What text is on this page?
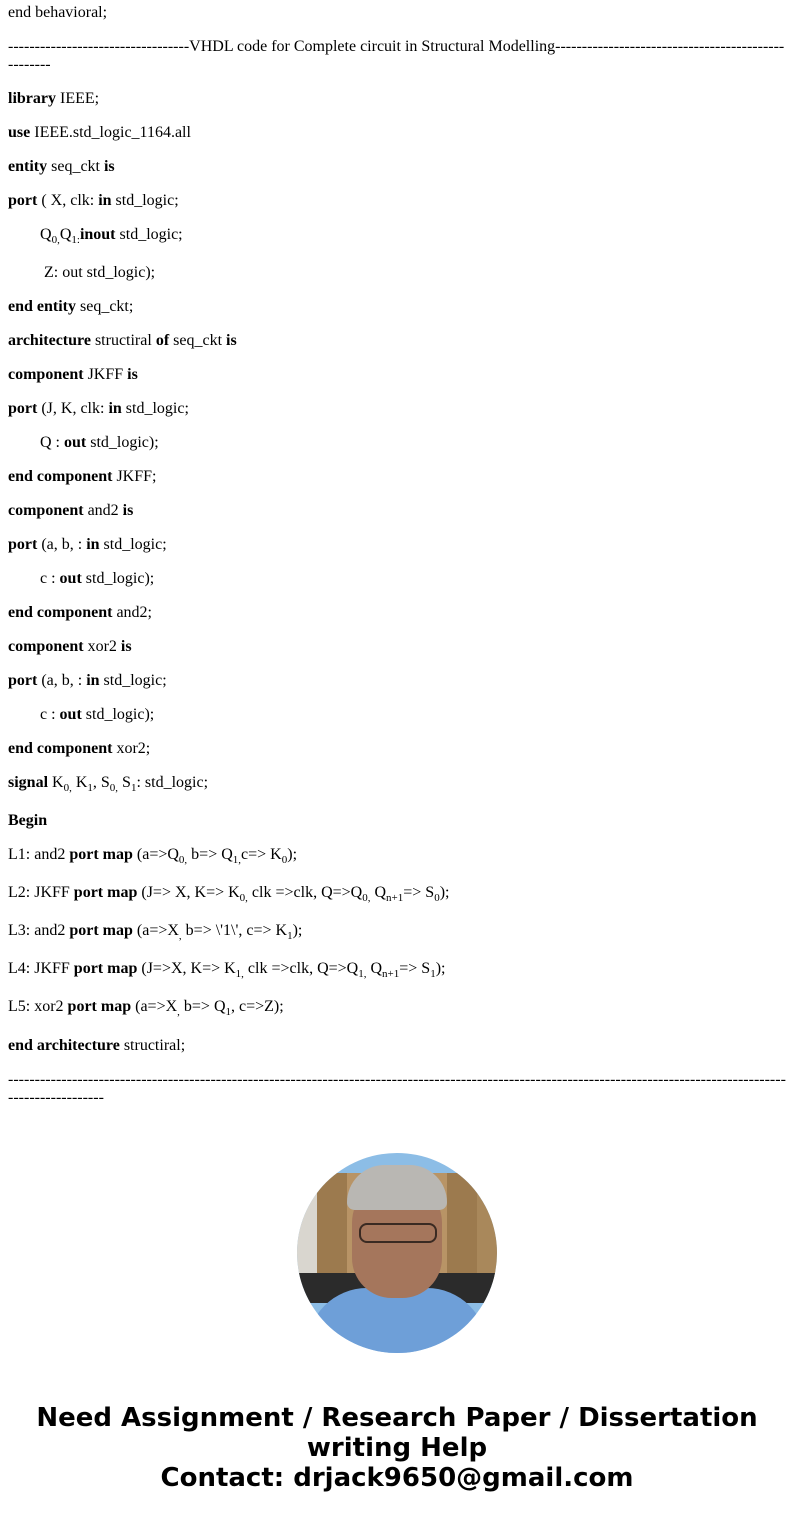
end behavioral;
----------------------------------VHDL code for Complete circuit in Structural Modelling---------------------------------------------------
library IEEE;
use IEEE.std_logic_1164.all
entity seq_ckt is
port ( X, clk: in std_logic;
$Q_{0,}Q_{1:}inout$ std_logic;
Z: out std_logic);
end entity seq_ckt;
architecture structiral of seq_ckt is
component JKFF is
port (J, K, clk: in std_logic;
Q : out std_logic);
end component JKFF;
component and2 is
port (a, b, : in std_logic;
c : out std_logic);
end component and2;
component xor2 is
port (a, b, : in std_logic;
c : out std_logic);
end component xor2;
signal $K_{0,}$ $K_1$, $S_{0,}$ $S_1$: std_logic;
Begin
L1: and2 port map ($a=>Q_{0,}$ $b=> Q_{1,}c=> K_0$);
L2: JKFF port map (J=> X, $K=> K_{0,}$ clk =>clk, $Q=>Q_{0,}$ $Q_{n+1}=> S_0$);
L3: and2 port map ($a=>X_,$ b=> \'1\', $c=> K_1$);
L4: JKFF port map (J=>X, $K=> K_{1,}$ clk =>clk, $Q=>Q_{1,}$ $Q_{n+1}=> S_1$);
L5: xor2 port map ($a=>X_,$ $b=> Q_1$, c=>Z);
end architecture structiral;
--------------------------------------------------------------------------------------------------------------------------------------------------------------------
Need Assignment / Research Paper / Dissertation
writing Help
Contact: drjack9650@gmail.com
